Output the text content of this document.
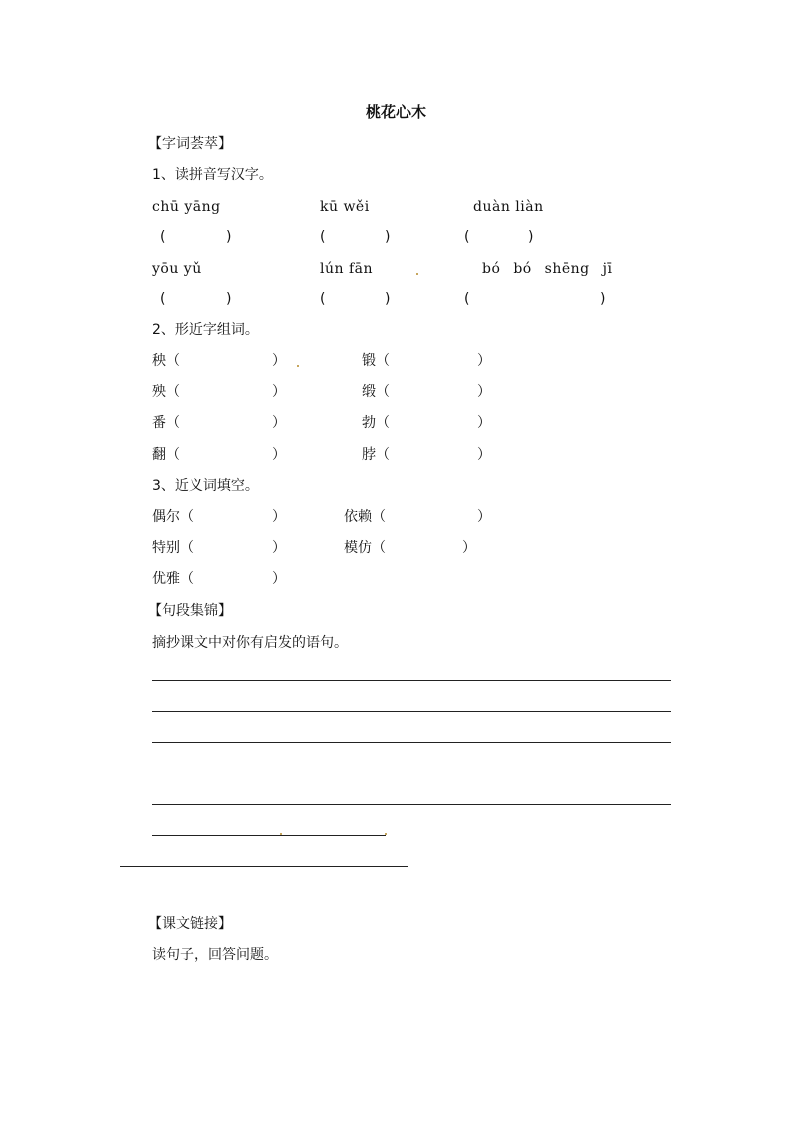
桃花心木
【字词荟萃】
1、读拼音写汉字。
chū yāng	kū wěi	duàn liàn
(	)	(	)	(	)
yōu yǔ	lún fān	bó bó shēng jī
(	)	(	)	(	)
2、形近字组词。
秧（	）	锻（	）
殃（	）	缎（	）
番（	）	勃（	）
翻（	）	脖（	）
3、近义词填空。
偶尔（	）	依赖（	）
特别（	）	模仿（	）
优雅（	）
【句段集锦】
摘抄课文中对你有启发的语句。
【课文链接】
读句子，回答问题。
